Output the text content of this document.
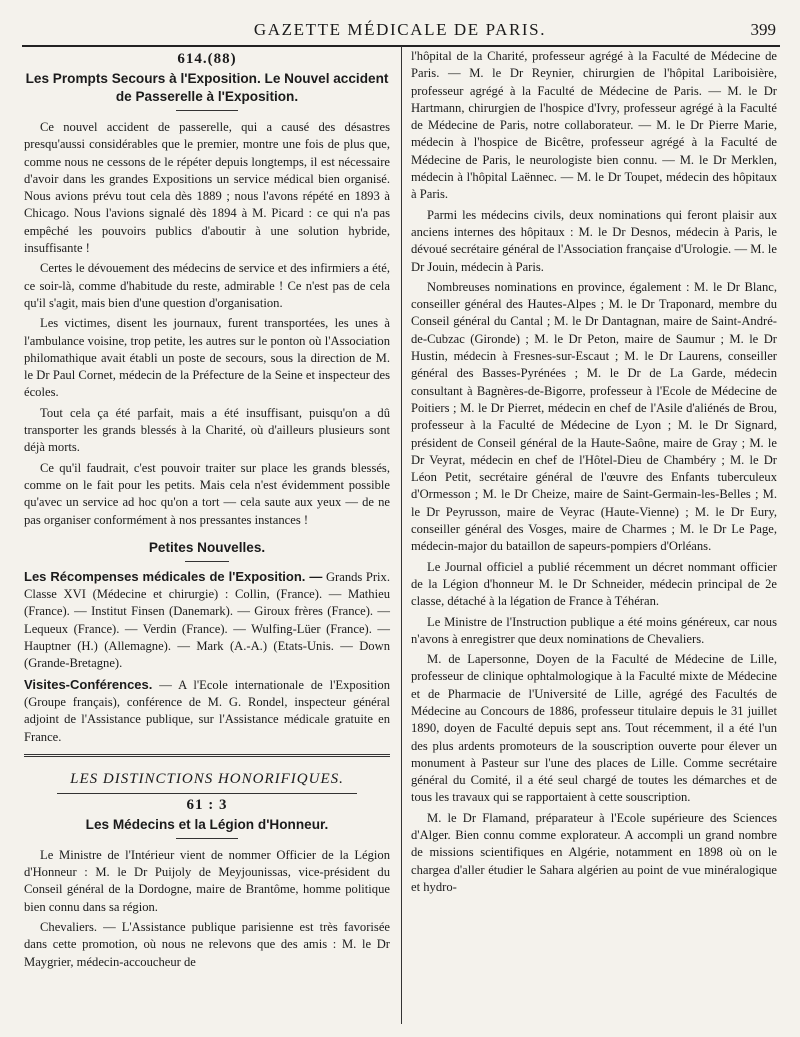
GAZETTE MÉDICALE DE PARIS.	399
614.(88)
Les Prompts Secours à l'Exposition. Le Nouvel accident de Passerelle à l'Exposition.

Ce nouvel accident de passerelle, qui a causé des désastres presqu'aussi considérables que le premier, montre une fois de plus que, comme nous ne cessons de le répéter depuis longtemps, il est nécessaire d'avoir dans les grandes Expositions un service médical bien organisé. Nous avions prévu tout cela dès 1889 ; nous l'avons répété en 1893 à Chicago. Nous l'avions signalé dès 1894 à M. Picard : ce qui n'a pas empêché les pouvoirs publics d'aboutir à une solution hybride, insuffisante !

Certes le dévouement des médecins de service et des infirmiers a été, ce soir-là, comme d'habitude du reste, admirable ! Ce n'est pas de cela qu'il s'agit, mais bien d'une question d'organisation.

Les victimes, disent les journaux, furent transportées, les unes à l'ambulance voisine, trop petite, les autres sur le ponton où l'Association philomathique avait établi un poste de secours, sous la direction de M. le Dr Paul Cornet, médecin de la Préfecture de la Seine et inspecteur des écoles.

Tout cela ça été parfait, mais a été insuffisant, puisqu'on a dû transporter les grands blessés à la Charité, où d'ailleurs plusieurs sont déjà morts.

Ce qu'il faudrait, c'est pouvoir traiter sur place les grands blessés, comme on le fait pour les petits. Mais cela n'est évidemment possible qu'avec un service ad hoc qu'on a tort — cela saute aux yeux — de ne pas organiser conformément à nos pressantes instances !

Petites Nouvelles.

Les Récompenses médicales de l'Exposition. — Grands Prix. Classe XVI (Médecine et chirurgie) : Collin, (France). — Mathieu (France). — Institut Finsen (Danemark). — Giroux frères (France). — Lequeux (France). — Verdin (France). — Wulfing-Lüer (France). — Hauptner (H.) (Allemagne). — Mark (A.-A.) (Etats-Unis. — Down (Grande-Bretagne).

Visites-Conférences. — A l'Ecole internationale de l'Exposition (Groupe français), conférence de M. G. Rondel, inspecteur général adjoint de l'Assistance publique, sur l'Assistance médicale gratuite en France.

LES DISTINCTIONS HONORIFIQUES.
61 : 3
Les Médecins et la Légion d'Honneur.

Le Ministre de l'Intérieur vient de nommer Officier de la Légion d'Honneur : M. le Dr Puijoly de Meyjounissas, vice-président du Conseil général de la Dordogne, maire de Brantôme, homme politique bien connu dans sa région.

Chevaliers. — L'Assistance publique parisienne est très favorisée dans cette promotion, où nous ne relevons que des amis : M. le Dr Maygrier, médecin-accoucheur de

l'hôpital de la Charité, professeur agrégé à la Faculté de Médecine de Paris. — M. le Dr Reynier, chirurgien de l'hôpital Lariboisière, professeur agrégé à la Faculté de Médecine de Paris. — M. le Dr Hartmann, chirurgien de l'hospice d'Ivry, professeur agrégé à la Faculté de Médecine de Paris, notre collaborateur. — M. le Dr Pierre Marie, médecin à l'hospice de Bicêtre, professeur agrégé à la Faculté de Médecine de Paris, le neurologiste bien connu. — M. le Dr Merklen, médecin à l'hôpital Laënnec. — M. le Dr Toupet, médecin des hôpitaux à Paris.

Parmi les médecins civils, deux nominations qui feront plaisir aux anciens internes des hôpitaux : M. le Dr Desnos, médecin à Paris, le dévoué secrétaire général de l'Association française d'Urologie. — M. le Dr Jouin, médecin à Paris.

Nombreuses nominations en province, également : M. le Dr Blanc, conseiller général des Hautes-Alpes ; M. le Dr Traponard, membre du Conseil général du Cantal ; M. le Dr Dantagnan, maire de Saint-André-de-Cubzac (Gironde) ; M. le Dr Peton, maire de Saumur ; M. le Dr Hustin, médecin à Fresnes-sur-Escaut ; M. le Dr Laurens, conseiller général des Basses-Pyrénées ; M. le Dr de La Garde, médecin consultant à Bagnères-de-Bigorre, professeur à l'Ecole de Médecine de Poitiers ; M. le Dr Pierret, médecin en chef de l'Asile d'aliénés de Brou, professeur à la Faculté de Médecine de Lyon ; M. le Dr Signard, président de Conseil général de la Haute-Saône, maire de Gray ; M. le Dr Veyrat, médecin en chef de l'Hôtel-Dieu de Chambéry ; M. le Dr Léon Petit, secrétaire général de l'œuvre des Enfants tuberculeux d'Ormesson ; M. le Dr Cheize, maire de Saint-Germain-les-Belles ; M. le Dr Peyrusson, maire de Veyrac (Haute-Vienne) ; M. le Dr Eury, conseiller général des Vosges, maire de Charmes ; M. le Dr Le Page, médecin-major du bataillon de sapeurs-pompiers d'Orléans.

Le Journal officiel a publié récemment un décret nommant officier de la Légion d'honneur M. le Dr Schneider, médecin principal de 2e classe, détaché à la légation de France à Téhéran.

Le Ministre de l'Instruction publique a été moins généreux, car nous n'avons à enregistrer que deux nominations de Chevaliers.

M. de Lapersonne, Doyen de la Faculté de Médecine de Lille, professeur de clinique ophtalmologique à la Faculté mixte de Médecine et de Pharmacie de l'Université de Lille, agrégé des Facultés de Médecine au Concours de 1886, professeur titulaire depuis le 31 juillet 1890, doyen de Faculté depuis sept ans. Tout récemment, il a été l'un des plus ardents promoteurs de la souscription ouverte pour élever un monument à Pasteur sur l'une des places de Lille. Comme secrétaire général du Comité, il a été seul chargé de toutes les démarches et de tous les travaux qui se rapportaient à cette souscription.

M. le Dr Flamand, préparateur à l'Ecole supérieure des Sciences d'Alger. Bien connu comme explorateur. A accompli un grand nombre de missions scientifiques en Algérie, notamment en 1898 où on le chargea d'aller étudier le Sahara algérien au point de vue minéralogique et hydro-
